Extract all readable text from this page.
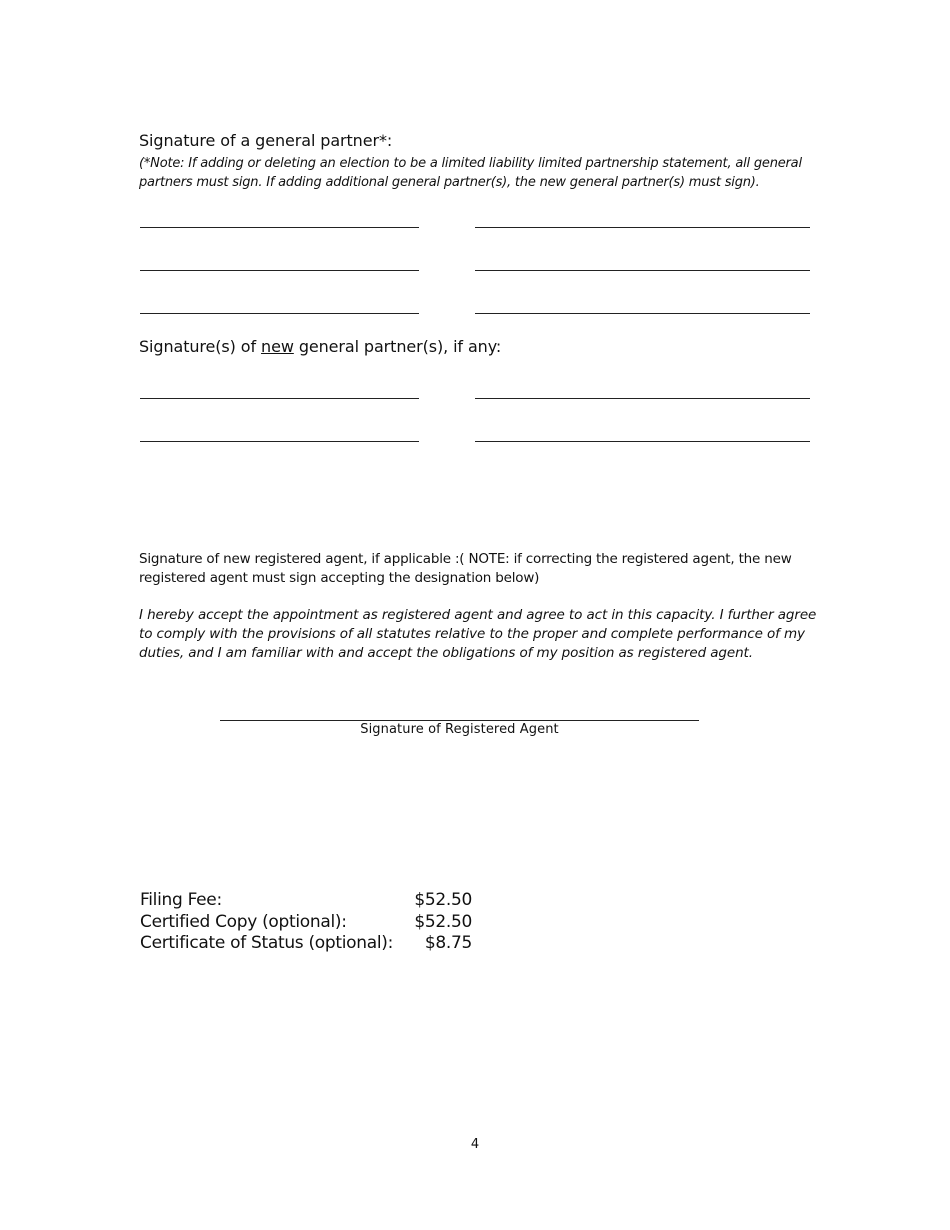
Signature of a general partner*:
(*Note: If adding or deleting an election to be a limited liability limited partnership statement, all general partners must sign. If adding additional general partner(s), the new general partner(s) must sign).
Signature(s) of new general partner(s), if any:
Signature of new registered agent, if applicable :( NOTE: if correcting the registered agent, the new registered agent must sign accepting the designation below)
I hereby accept the appointment as registered agent and agree to act in this capacity. I further agree to comply with the provisions of all statutes relative to the proper and complete performance of my duties, and I am familiar with and accept the obligations of my position as registered agent.
Signature of Registered Agent
Filing Fee:	$52.50
Certified Copy (optional):	$52.50
Certificate of Status (optional): $8.75
4
